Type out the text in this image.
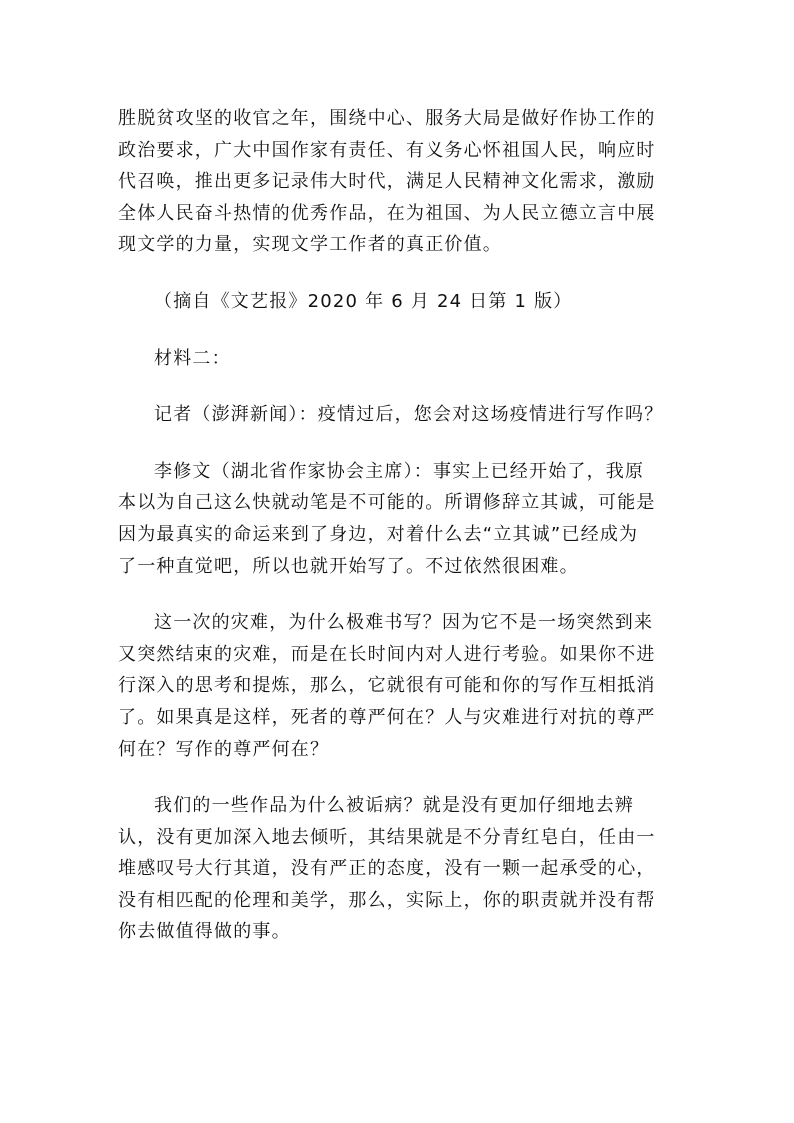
胜脱贫攻坚的收官之年，围绕中心、服务大局是做好作协工作的
政治要求，广大中国作家有责任、有义务心怀祖国人民，响应时
代召唤，推出更多记录伟大时代，满足人民精神文化需求，激励
全体人民奋斗热情的优秀作品，在为祖国、为人民立德立言中展
现文学的力量，实现文学工作者的真正价值。

（摘自《文艺报》2020 年 6 月 24 日第 1 版）

材料二：

记者（澎湃新闻）：疫情过后，您会对这场疫情进行写作吗？

李修文（湖北省作家协会主席）：事实上已经开始了，我原
本以为自己这么快就动笔是不可能的。所谓修辞立其诚，可能是
因为最真实的命运来到了身边，对着什么去“立其诚”已经成为
了一种直觉吧，所以也就开始写了。不过依然很困难。

这一次的灾难，为什么极难书写？因为它不是一场突然到来
又突然结束的灾难，而是在长时间内对人进行考验。如果你不进
行深入的思考和提炼，那么，它就很有可能和你的写作互相抵消
了。如果真是这样，死者的尊严何在？人与灾难进行对抗的尊严
何在？写作的尊严何在？

我们的一些作品为什么被诟病？就是没有更加仔细地去辨
认，没有更加深入地去倾听，其结果就是不分青红皂白，任由一
堆感叹号大行其道，没有严正的态度，没有一颗一起承受的心，
没有相匹配的伦理和美学，那么，实际上，你的职责就并没有帮
你去做值得做的事。
